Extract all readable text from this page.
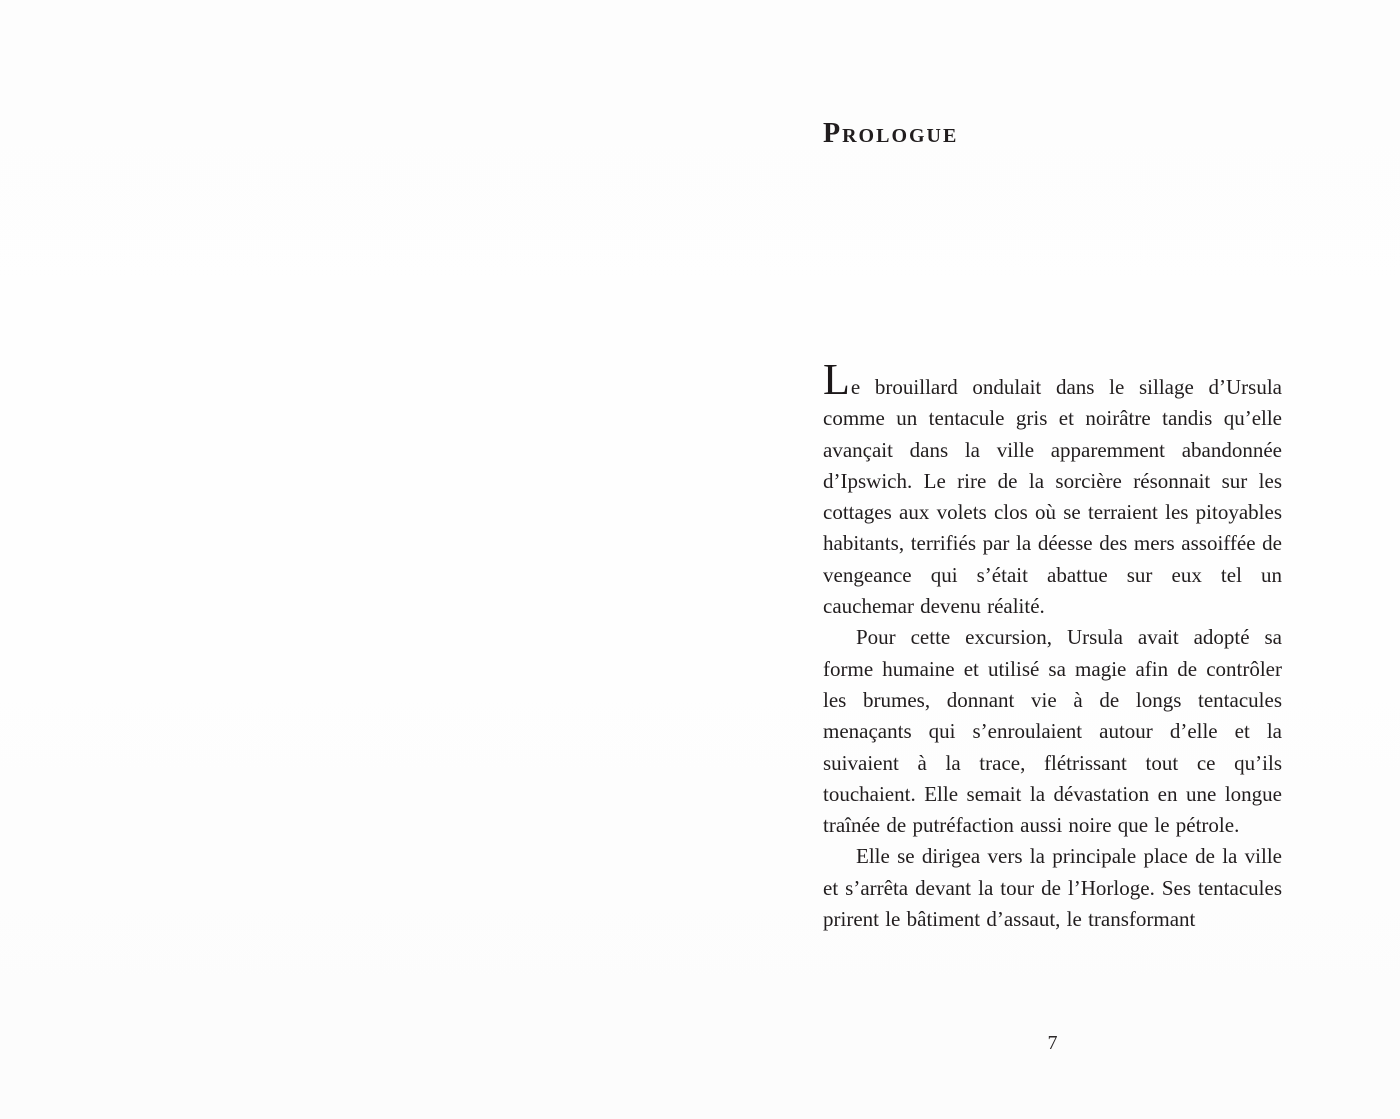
Prologue

Le brouillard ondulait dans le sillage d’Ursula comme un tentacule gris et noirâtre tandis qu’elle avançait dans la ville apparemment abandonnée d’Ipswich. Le rire de la sorcière résonnait sur les cottages aux volets clos où se terraient les pitoyables habitants, terrifiés par la déesse des mers assoiffée de vengeance qui s’était abattue sur eux tel un cauchemar devenu réalité.

Pour cette excursion, Ursula avait adopté sa forme humaine et utilisé sa magie afin de contrôler les brumes, donnant vie à de longs tentacules menaçants qui s’enroulaient autour d’elle et la suivaient à la trace, flétrissant tout ce qu’ils touchaient. Elle semait la dévastation en une longue traînée de putréfaction aussi noire que le pétrole.

Elle se dirigea vers la principale place de la ville et s’arrêta devant la tour de l’Horloge. Ses tentacules prirent le bâtiment d’assaut, le transformant

7
